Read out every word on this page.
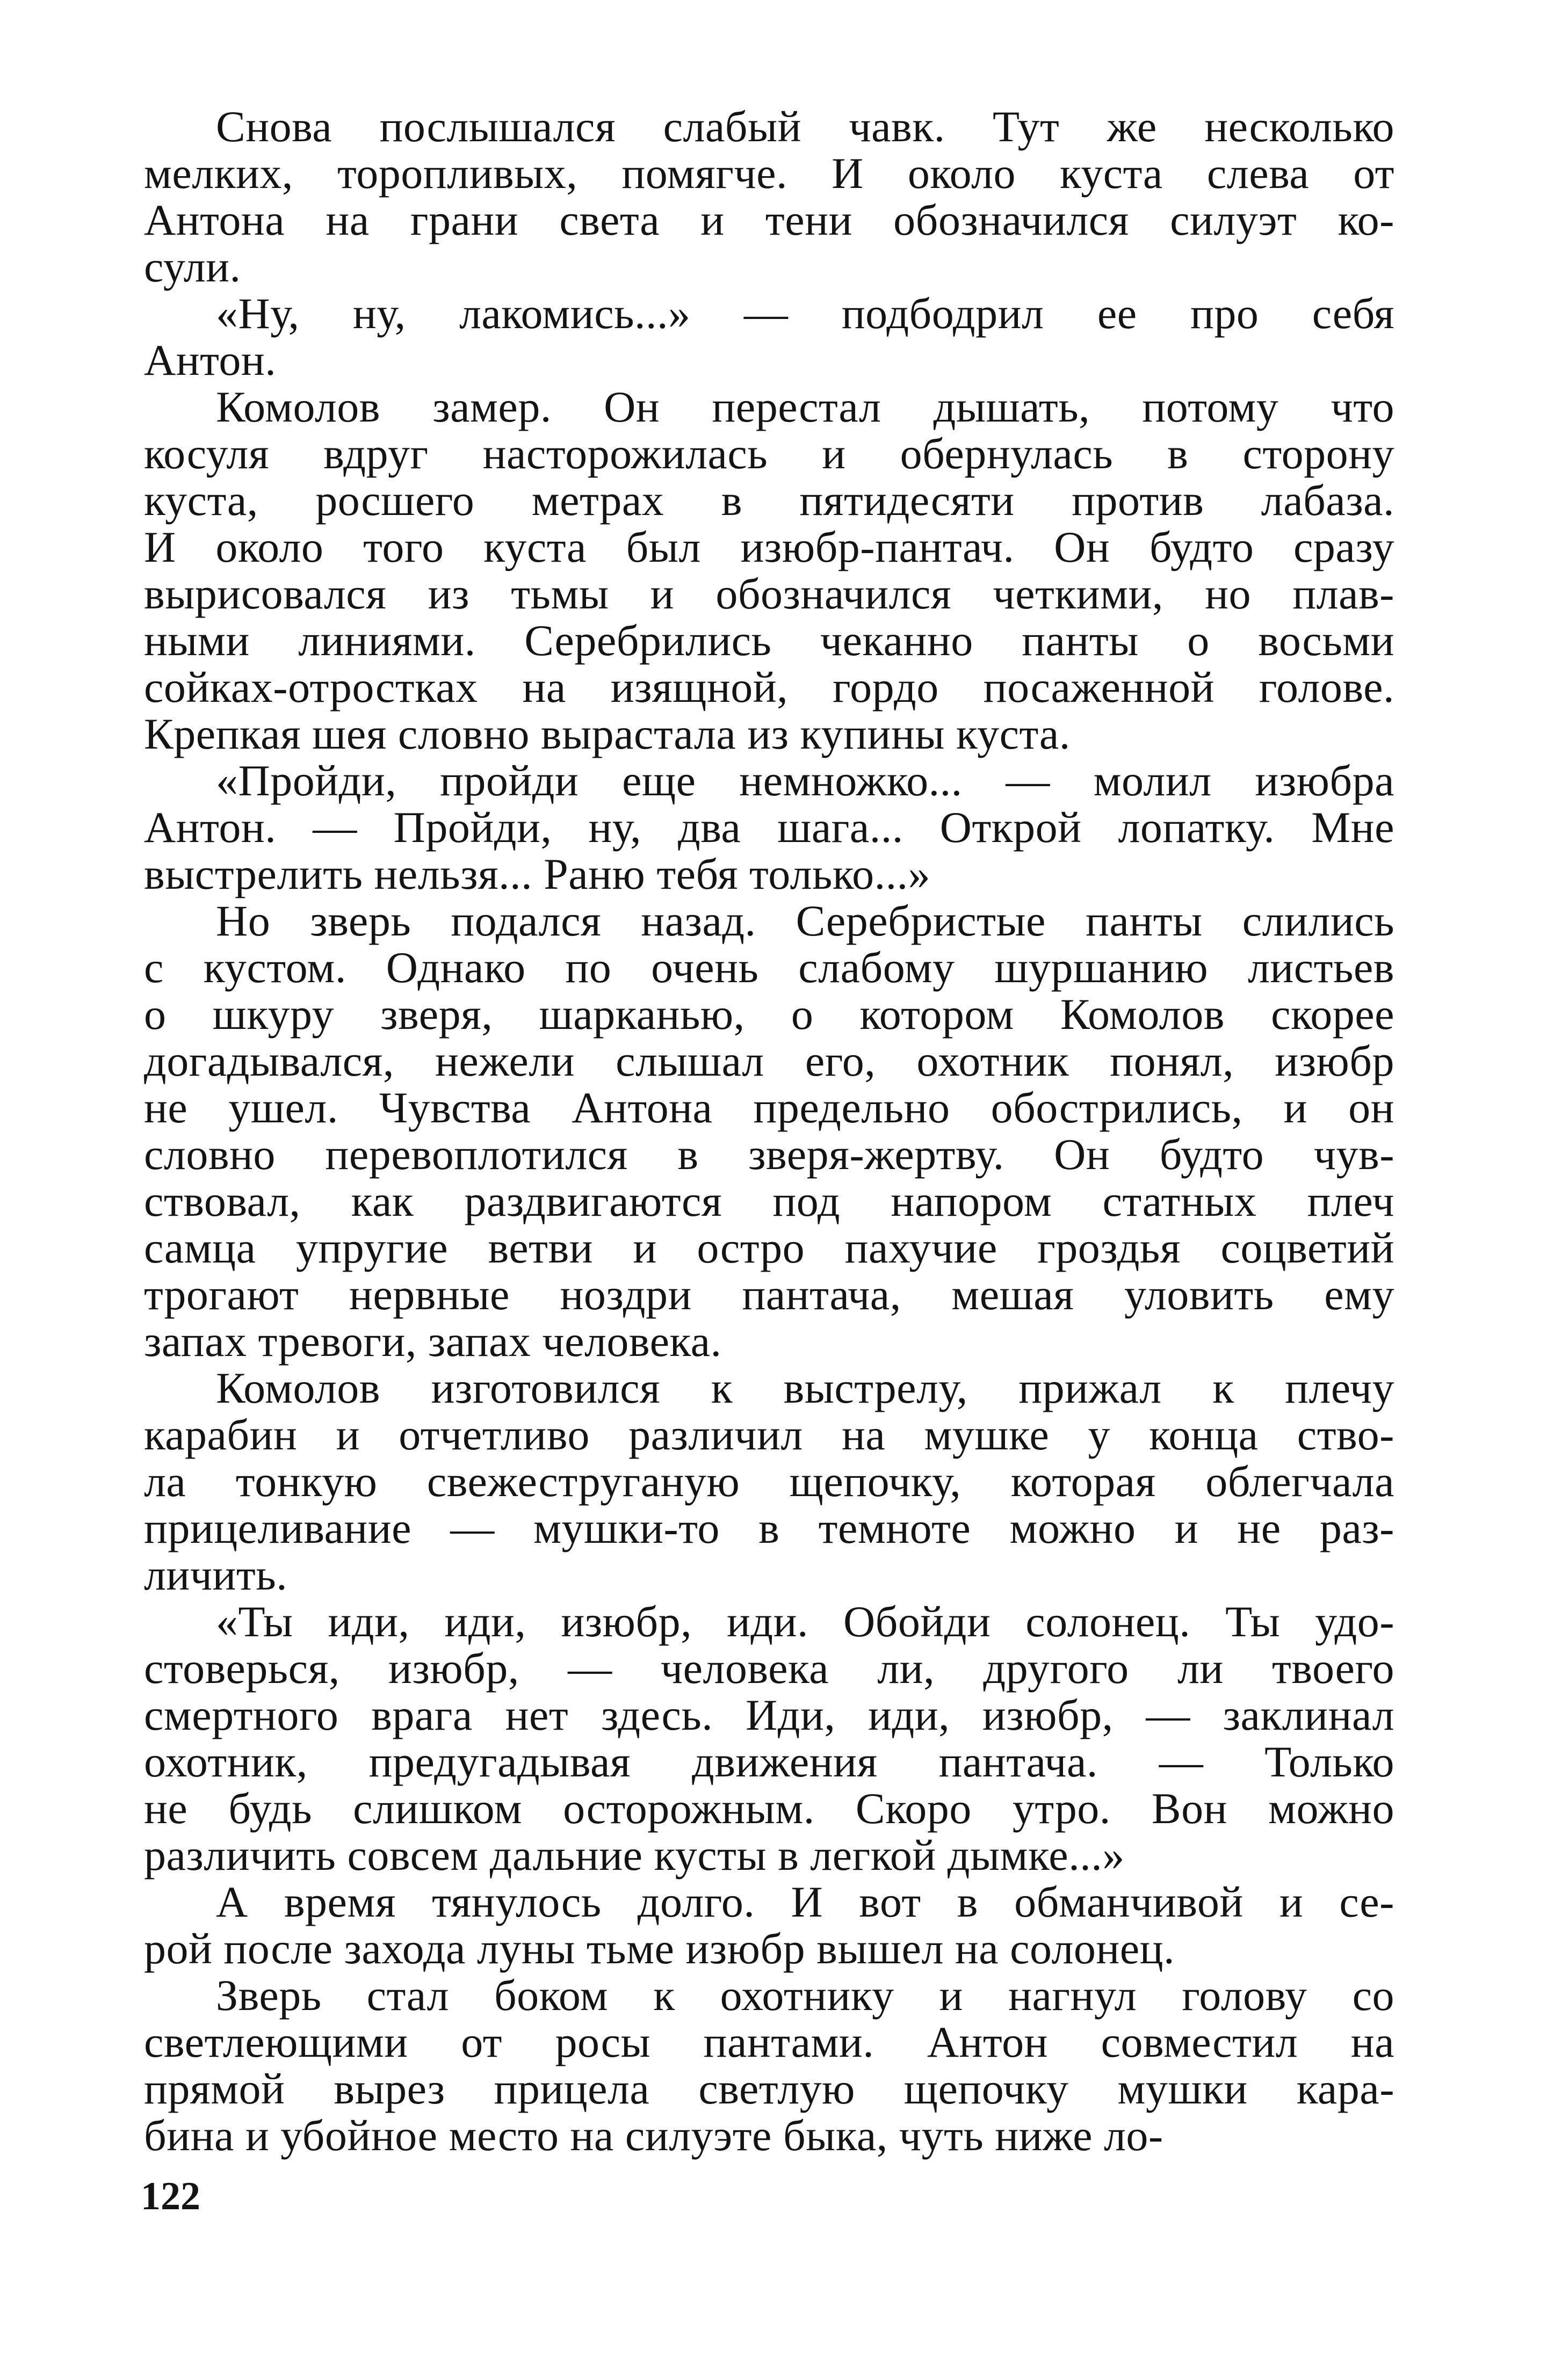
Снова послышался слабый чавк. Тут же несколько
мелких, торопливых, помягче. И около куста слева от
Антона на грани света и тени обозначился силуэт ко-
сули.
«Ну, ну, лакомись...» — подбодрил ее про себя
Антон.
Комолов замер. Он перестал дышать, потому что
косуля вдруг насторожилась и обернулась в сторону
куста, росшего метрах в пятидесяти против лабаза.
И около того куста был изюбр-пантач. Он будто сразу
вырисовался из тьмы и обозначился четкими, но плав-
ными линиями. Серебрились чеканно панты о восьми
сойках-отростках на изящной, гордо посаженной голове.
Крепкая шея словно вырастала из купины куста.
«Пройди, пройди еще немножко... — молил изюбра
Антон. — Пройди, ну, два шага... Открой лопатку. Мне
выстрелить нельзя... Раню тебя только...»
Но зверь подался назад. Серебристые панты слились
с кустом. Однако по очень слабому шуршанию листьев
о шкуру зверя, шарканью, о котором Комолов скорее
догадывался, нежели слышал его, охотник понял, изюбр
не ушел. Чувства Антона предельно обострились, и он
словно перевоплотился в зверя-жертву. Он будто чув-
ствовал, как раздвигаются под напором статных плеч
самца упругие ветви и остро пахучие гроздья соцветий
трогают нервные ноздри пантача, мешая уловить ему
запах тревоги, запах человека.
Комолов изготовился к выстрелу, прижал к плечу
карабин и отчетливо различил на мушке у конца ство-
ла тонкую свежеструганую щепочку, которая облегчала
прицеливание — мушки-то в темноте можно и не раз-
личить.
«Ты иди, иди, изюбр, иди. Обойди солонец. Ты удо-
стоверься, изюбр, — человека ли, другого ли твоего
смертного врага нет здесь. Иди, иди, изюбр, — заклинал
охотник, предугадывая движения пантача. — Только
не будь слишком осторожным. Скоро утро. Вон можно
различить совсем дальние кусты в легкой дымке...»
А время тянулось долго. И вот в обманчивой и се-
рой после захода луны тьме изюбр вышел на солонец.
Зверь стал боком к охотнику и нагнул голову со
светлеющими от росы пантами. Антон совместил на
прямой вырез прицела светлую щепочку мушки кара-
бина и убойное место на силуэте быка, чуть ниже ло-
122
